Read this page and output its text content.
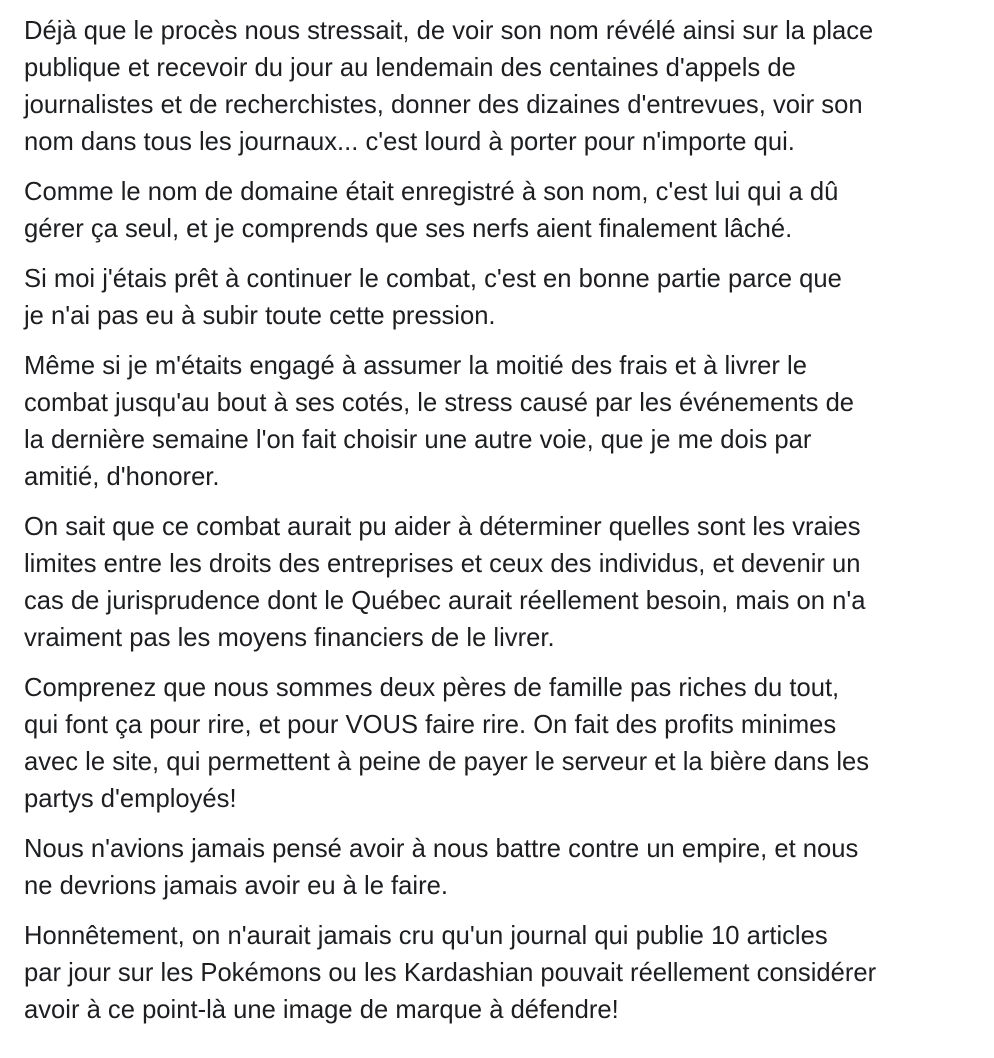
Déjà que le procès nous stressait, de voir son nom révélé ainsi sur la place
publique et recevoir du jour au lendemain des centaines d'appels de
journalistes et de recherchistes, donner des dizaines d'entrevues, voir son
nom dans tous les journaux... c'est lourd à porter pour n'importe qui.

Comme le nom de domaine était enregistré à son nom, c'est lui qui a dû
gérer ça seul, et je comprends que ses nerfs aient finalement lâché.

Si moi j'étais prêt à continuer le combat, c'est en bonne partie parce que
je n'ai pas eu à subir toute cette pression.

Même si je m'étaits engagé à assumer la moitié des frais et à livrer le
combat jusqu'au bout à ses cotés, le stress causé par les événements de
la dernière semaine l'on fait choisir une autre voie, que je me dois par
amitié, d'honorer.

On sait que ce combat aurait pu aider à déterminer quelles sont les vraies
limites entre les droits des entreprises et ceux des individus, et devenir un
cas de jurisprudence dont le Québec aurait réellement besoin, mais on n'a
vraiment pas les moyens financiers de le livrer.

Comprenez que nous sommes deux pères de famille pas riches du tout,
qui font ça pour rire, et pour VOUS faire rire. On fait des profits minimes
avec le site, qui permettent à peine de payer le serveur et la bière dans les
partys d'employés!

Nous n'avions jamais pensé avoir à nous battre contre un empire, et nous
ne devrions jamais avoir eu à le faire.

Honnêtement, on n'aurait jamais cru qu'un journal qui publie 10 articles
par jour sur les Pokémons ou les Kardashian pouvait réellement considérer
avoir à ce point-là une image de marque à défendre!
